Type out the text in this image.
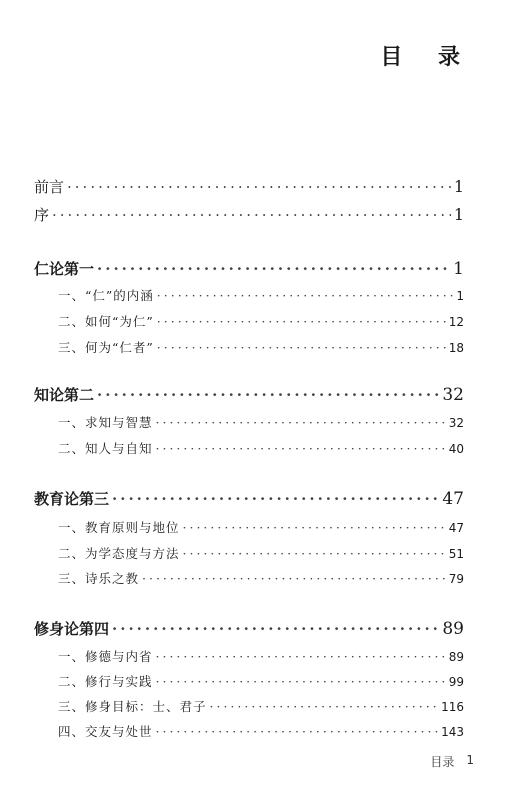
目 录
前言 ·····	1
序 ·····	1
仁论第一 ·····	1
一、“仁”的内涵 ·····	1
二、如何“为仁” ·····	12
三、何为“仁者” ·····	18
知论第二 ·····	32
一、求知与智慧 ·····	32
二、知人与自知 ·····	40
教育论第三 ·····	47
一、教育原则与地位 ·····	47
二、为学态度与方法 ·····	51
三、诗乐之教 ·····	79
修身论第四 ·····	89
一、修德与内省 ·····	89
二、修行与实践 ·····	99
三、修身目标：士、君子 ·····	116
四、交友与处世 ·····	143
目录 1
